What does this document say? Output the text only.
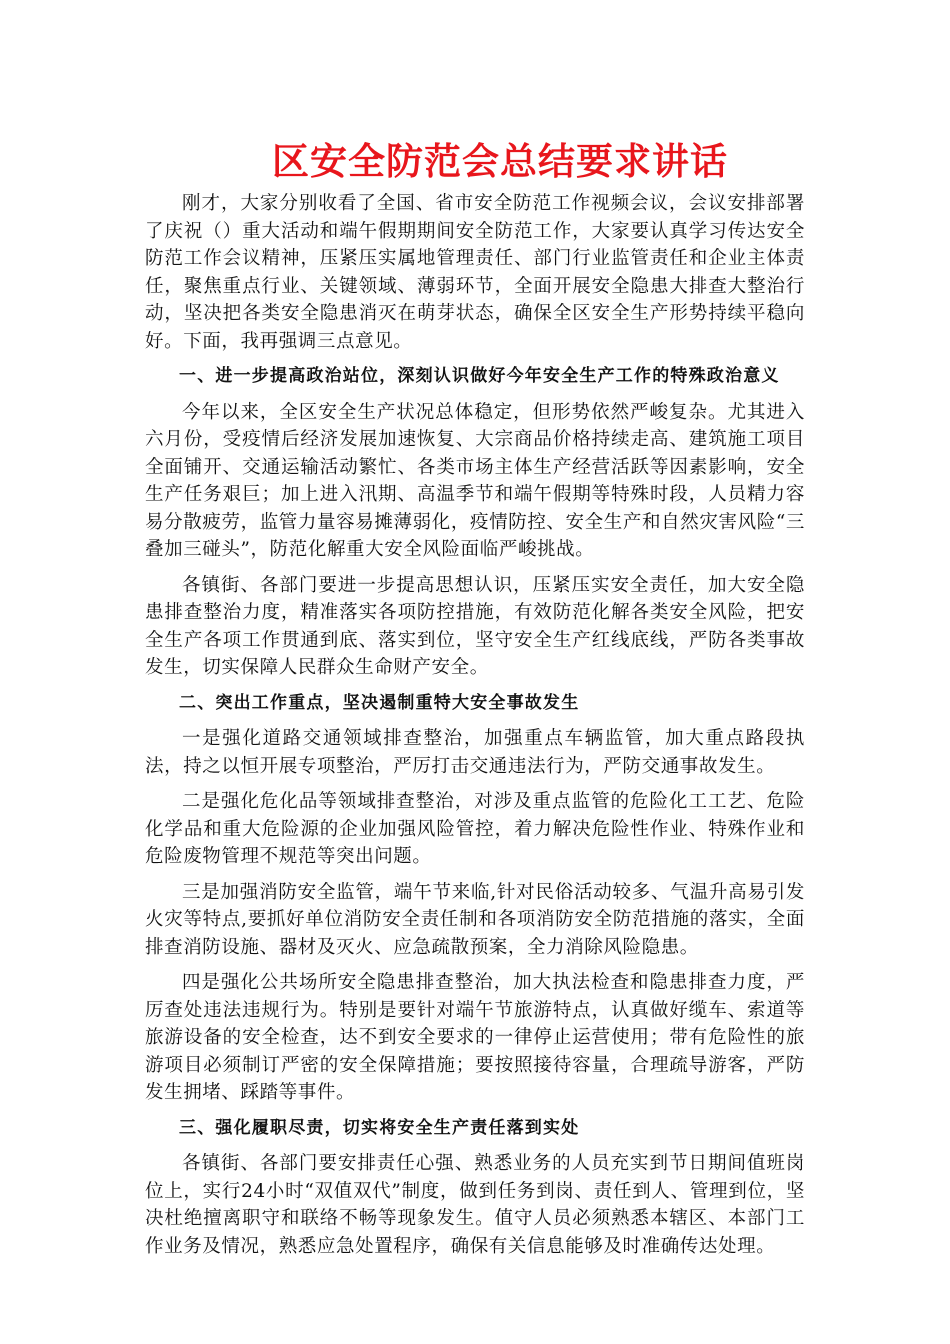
区安全防范会总结要求讲话

刚才，大家分别收看了全国、省市安全防范工作视频会议，会议安排部署了庆祝（）重大活动和端午假期期间安全防范工作，大家要认真学习传达安全防范工作会议精神，压紧压实属地管理责任、部门行业监管责任和企业主体责任，聚焦重点行业、关键领域、薄弱环节，全面开展安全隐患大排查大整治行动，坚决把各类安全隐患消灭在萌芽状态，确保全区安全生产形势持续平稳向好。下面，我再强调三点意见。

一、进一步提高政治站位，深刻认识做好今年安全生产工作的特殊政治意义

今年以来，全区安全生产状况总体稳定，但形势依然严峻复杂。尤其进入六月份，受疫情后经济发展加速恢复、大宗商品价格持续走高、建筑施工项目全面铺开、交通运输活动繁忙、各类市场主体生产经营活跃等因素影响，安全生产任务艰巨；加上进入汛期、高温季节和端午假期等特殊时段，人员精力容易分散疲劳，监管力量容易摊薄弱化，疫情防控、安全生产和自然灾害风险“三叠加三碰头”，防范化解重大安全风险面临严峻挑战。

各镇街、各部门要进一步提高思想认识，压紧压实安全责任，加大安全隐患排查整治力度，精准落实各项防控措施，有效防范化解各类安全风险，把安全生产各项工作贯通到底、落实到位，坚守安全生产红线底线，严防各类事故发生，切实保障人民群众生命财产安全。

二、突出工作重点，坚决遏制重特大安全事故发生

一是强化道路交通领域排查整治，加强重点车辆监管，加大重点路段执法，持之以恒开展专项整治，严厉打击交通违法行为，严防交通事故发生。

二是强化危化品等领域排查整治，对涉及重点监管的危险化工工艺、危险化学品和重大危险源的企业加强风险管控，着力解决危险性作业、特殊作业和危险废物管理不规范等突出问题。

三是加强消防安全监管，端午节来临,针对民俗活动较多、气温升高易引发火灾等特点,要抓好单位消防安全责任制和各项消防安全防范措施的落实，全面排查消防设施、器材及灭火、应急疏散预案，全力消除风险隐患。

四是强化公共场所安全隐患排查整治，加大执法检查和隐患排查力度，严厉查处违法违规行为。特别是要针对端午节旅游特点，认真做好缆车、索道等旅游设备的安全检查，达不到安全要求的一律停止运营使用；带有危险性的旅游项目必须制订严密的安全保障措施；要按照接待容量，合理疏导游客，严防发生拥堵、踩踏等事件。

三、强化履职尽责，切实将安全生产责任落到实处

各镇街、各部门要安排责任心强、熟悉业务的人员充实到节日期间值班岗位上，实行24小时“双值双代”制度，做到任务到岗、责任到人、管理到位，坚决杜绝擅离职守和联络不畅等现象发生。值守人员必须熟悉本辖区、本部门工作业务及情况，熟悉应急处置程序，确保有关信息能够及时准确传达处理。
